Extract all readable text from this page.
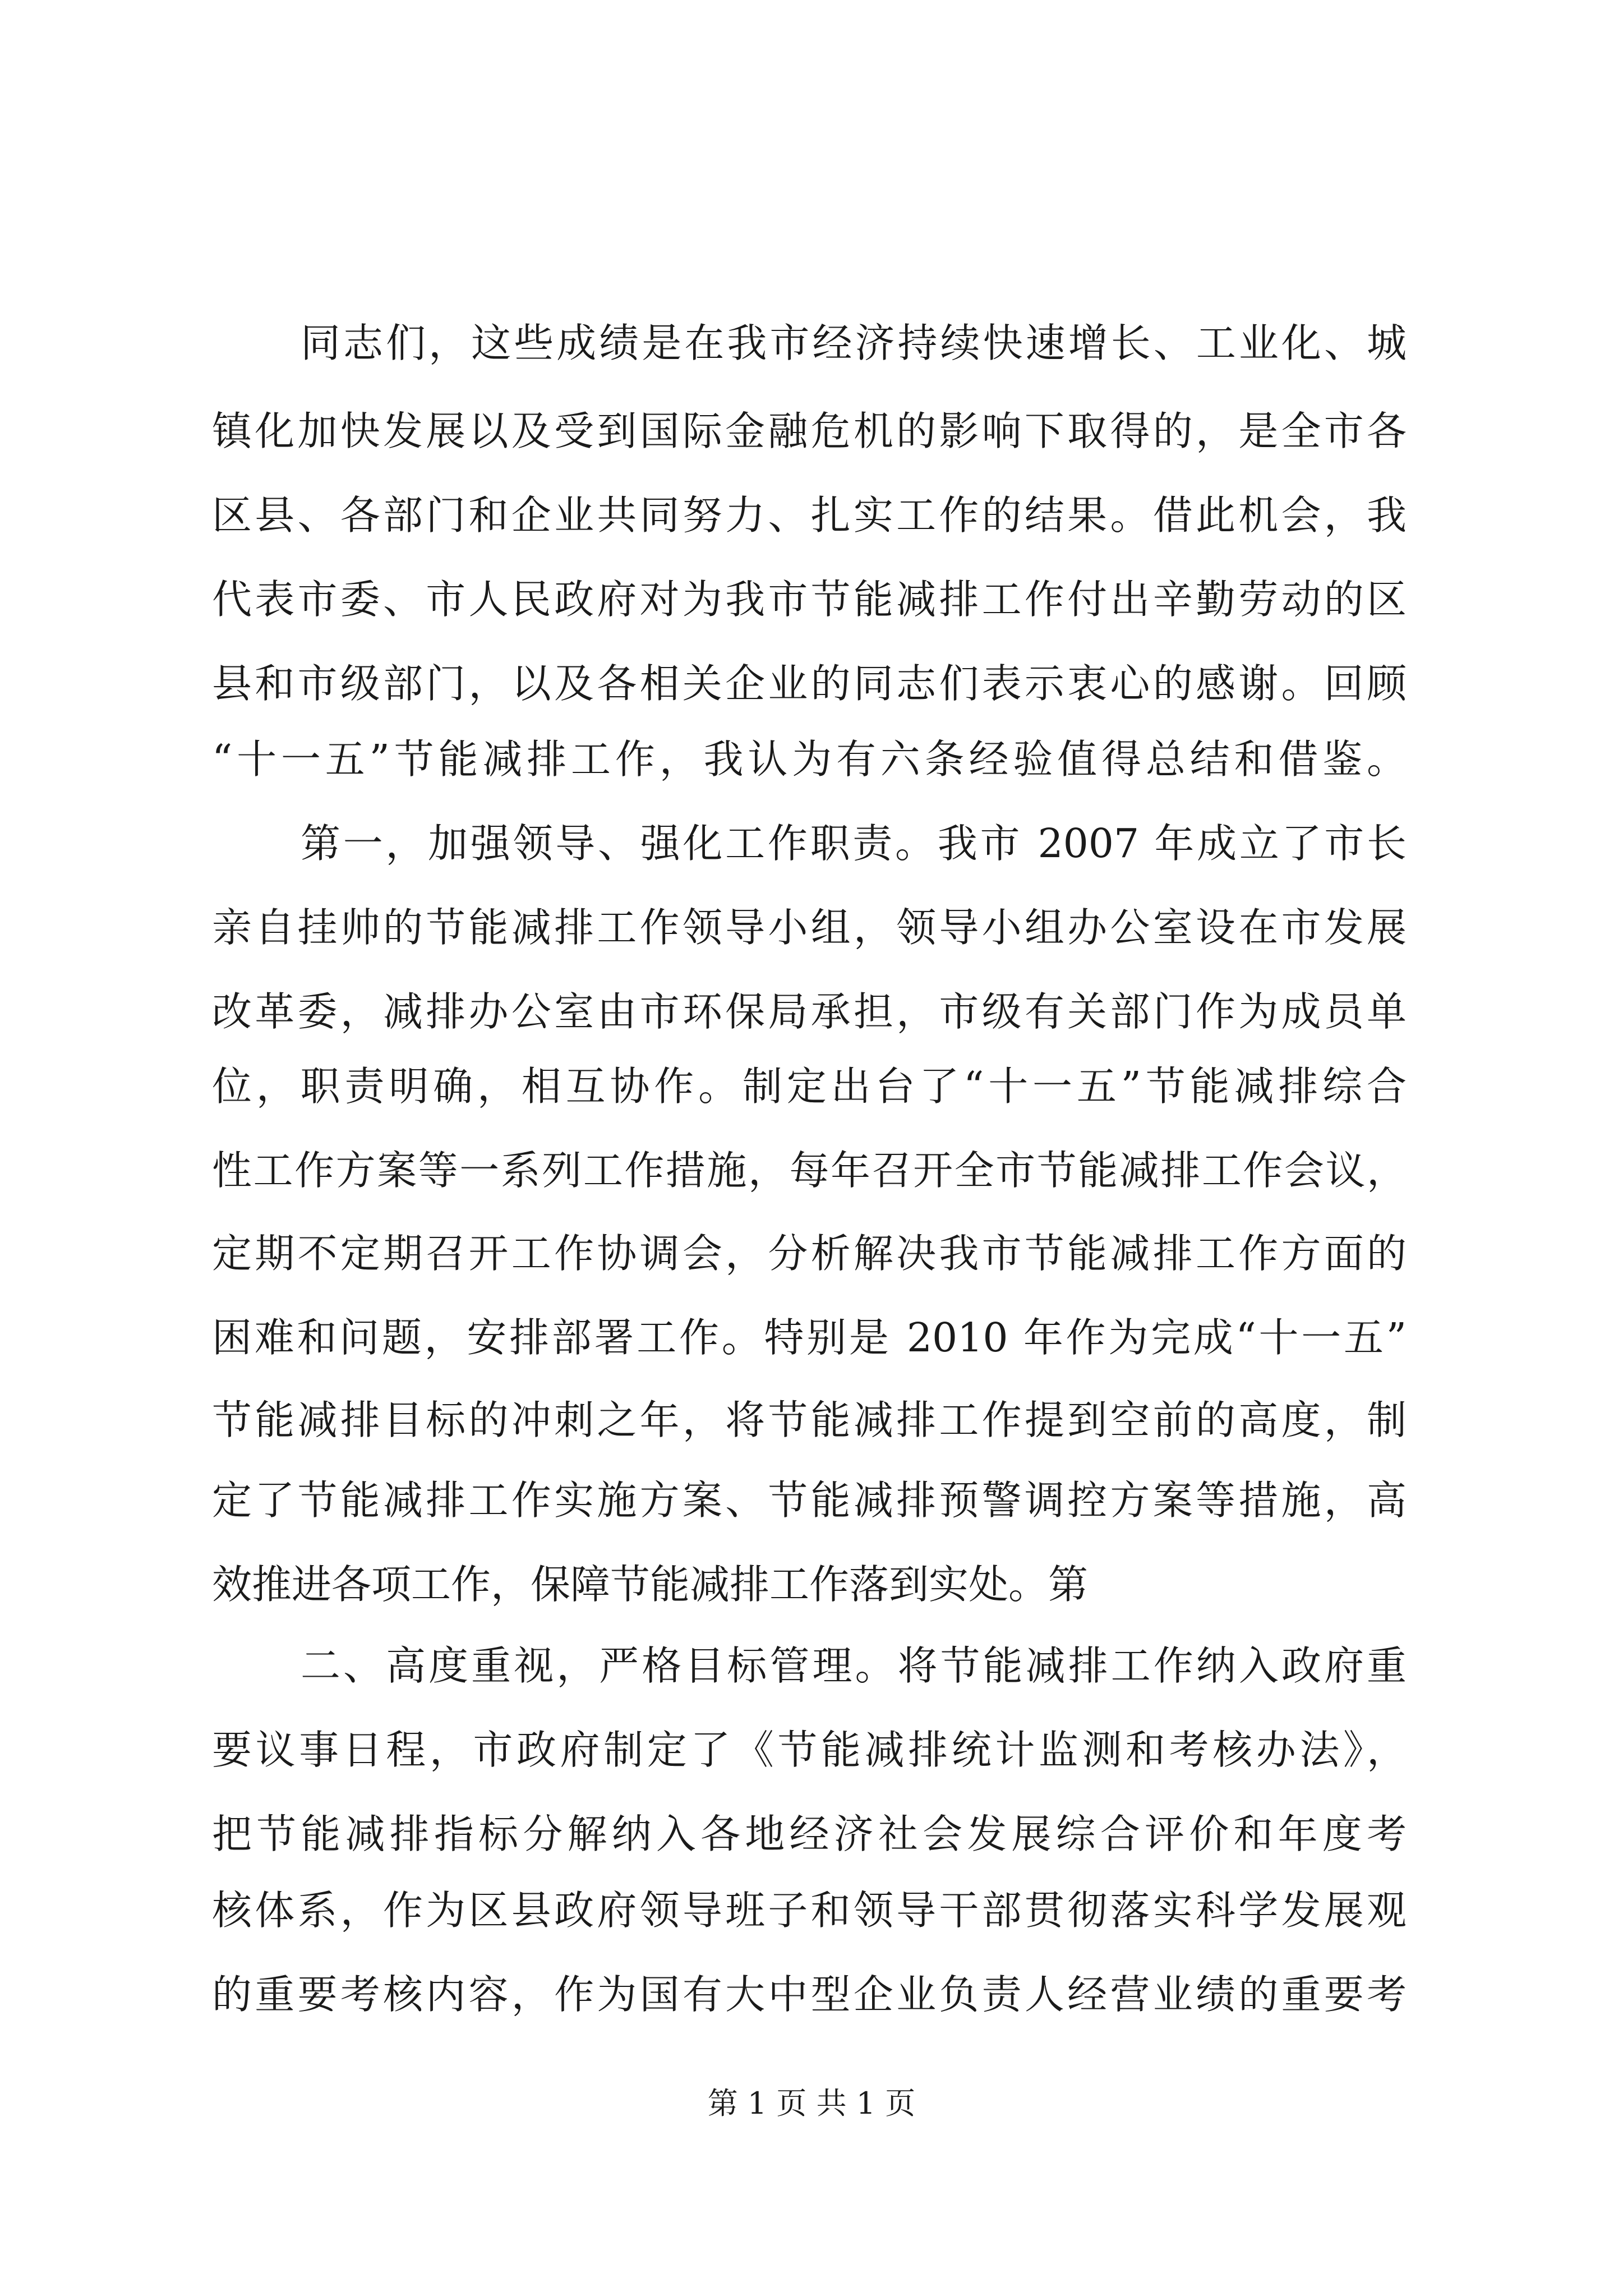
同志们，这些成绩是在我市经济持续快速增长、工业化、城
镇化加快发展以及受到国际金融危机的影响下取得的，是全市各
区县、各部门和企业共同努力、扎实工作的结果。借此机会，我
代表市委、市人民政府对为我市节能减排工作付出辛勤劳动的区
县和市级部门，以及各相关企业的同志们表示衷心的感谢。回顾
“十一五”节能减排工作，我认为有六条经验值得总结和借鉴。
第一，加强领导、强化工作职责。我市 2007 年成立了市长
亲自挂帅的节能减排工作领导小组，领导小组办公室设在市发展
改革委，减排办公室由市环保局承担，市级有关部门作为成员单
位，职责明确，相互协作。制定出台了“十一五”节能减排综合
性工作方案等一系列工作措施，每年召开全市节能减排工作会议，
定期不定期召开工作协调会，分析解决我市节能减排工作方面的
困难和问题，安排部署工作。特别是 2010 年作为完成“十一五”
节能减排目标的冲刺之年，将节能减排工作提到空前的高度，制
定了节能减排工作实施方案、节能减排预警调控方案等措施，高
效推进各项工作，保障节能减排工作落到实处。第
二、高度重视，严格目标管理。将节能减排工作纳入政府重
要议事日程，市政府制定了《节能减排统计监测和考核办法》，
把节能减排指标分解纳入各地经济社会发展综合评价和年度考
核体系，作为区县政府领导班子和领导干部贯彻落实科学发展观
的重要考核内容，作为国有大中型企业负责人经营业绩的重要考
第 1 页 共 1 页
